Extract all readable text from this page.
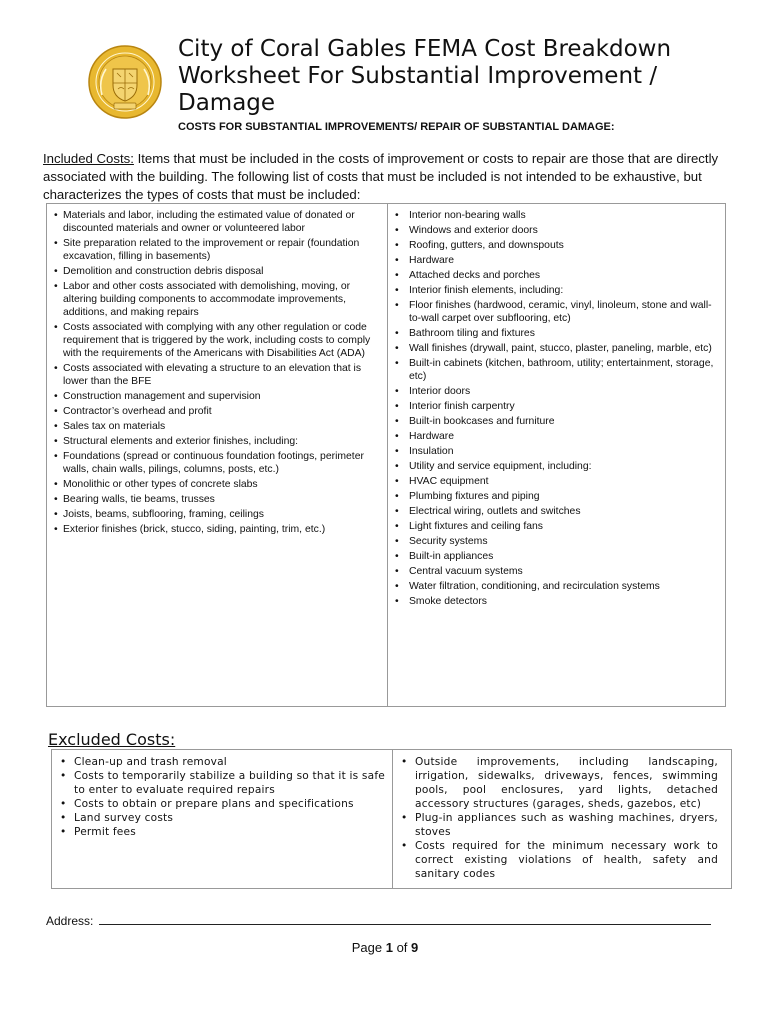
City of Coral Gables FEMA Cost Breakdown Worksheet For Substantial Improvement / Damage
COSTS FOR SUBSTANTIAL IMPROVEMENTS/ REPAIR OF SUBSTANTIAL DAMAGE:
Included Costs: Items that must be included in the costs of improvement or costs to repair are those that are directly associated with the building. The following list of costs that must be included is not intended to be exhaustive, but characterizes the types of costs that must be included:
• Materials and labor, including the estimated value of donated or discounted materials and owner or volunteered labor
• Site preparation related to the improvement or repair (foundation excavation, filling in basements)
• Demolition and construction debris disposal
• Labor and other costs associated with demolishing, moving, or altering building components to accommodate improvements, additions, and making repairs
• Costs associated with complying with any other regulation or code requirement that is triggered by the work, including costs to comply with the requirements of the Americans with Disabilities Act (ADA)
• Costs associated with elevating a structure to an elevation that is lower than the BFE
• Construction management and supervision
• Contractor’s overhead and profit
• Sales tax on materials
• Structural elements and exterior finishes, including:
• Foundations (spread or continuous foundation footings, perimeter walls, chain walls, pilings, columns, posts, etc.)
• Monolithic or other types of concrete slabs
• Bearing walls, tie beams, trusses
• Joists, beams, subflooring, framing, ceilings
• Exterior finishes (brick, stucco, siding, painting, trim, etc.)
• Interior non-bearing walls
• Windows and exterior doors
• Roofing, gutters, and downspouts
• Hardware
• Attached decks and porches
• Interior finish elements, including:
• Floor finishes (hardwood, ceramic, vinyl, linoleum, stone and wall-to-wall carpet over subflooring, etc)
• Bathroom tiling and fixtures
• Wall finishes (drywall, paint, stucco, plaster, paneling, marble, etc)
• Built-in cabinets (kitchen, bathroom, utility; entertainment, storage, etc)
• Interior doors
• Interior finish carpentry
• Built-in bookcases and furniture
• Hardware
• Insulation
• Utility and service equipment, including:
• HVAC equipment
• Plumbing fixtures and piping
• Electrical wiring, outlets and switches
• Light fixtures and ceiling fans
• Security systems
• Built-in appliances
• Central vacuum systems
• Water filtration, conditioning, and recirculation systems
• Smoke detectors
Excluded Costs:
• Clean-up and trash removal
• Costs to temporarily stabilize a building so that it is safe to enter to evaluate required repairs
• Costs to obtain or prepare plans and specifications
• Land survey costs
• Permit fees
• Outside improvements, including landscaping, irrigation, sidewalks, driveways, fences, swimming pools, pool enclosures, yard lights, detached accessory structures (garages, sheds, gazebos, etc)
• Plug-in appliances such as washing machines, dryers, stoves
• Costs required for the minimum necessary work to correct existing violations of health, safety and sanitary codes
Address:
Page 1 of 9
